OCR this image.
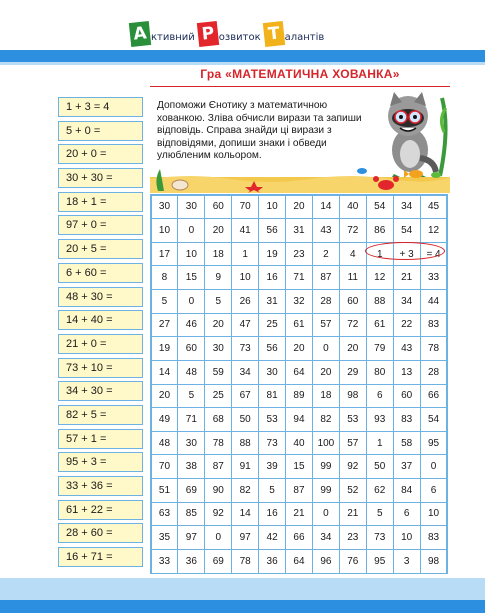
А ктивний Р озвиток Т алантів
Гра «МАТЕМАТИЧНА ХОВАНКА»
1 + 3 = 4
5 + 0 =
20 + 0 =
30 + 30 =
18 + 1 =
97 + 0 =
20 + 5 =
6 + 60 =
48 + 30 =
14 + 40 =
21 + 0 =
73 + 10 =
34 + 30 =
82 + 5 =
57 + 1 =
95 + 3 =
33 + 36 =
61 + 22 =
28 + 60 =
16 + 71 =
Допоможи Єнотику з математичною хованкою. Зліва обчисли вирази та запиши відповідь. Справа знайди ці вирази з відповідями, допиши знаки і обведи улюбленим кольором.
30	30	60	70	10	20	14	40	54	34	45
10	0	20	41	56	31	43	72	86	54	12
17	10	18	1	19	23	2	4	1	+ 3	= 4
8	15	9	10	16	71	87	11	12	21	33
5	0	5	26	31	32	28	60	88	34	44
27	46	20	47	25	61	57	72	61	22	83
19	60	30	73	56	20	0	20	79	43	78
14	48	59	34	30	64	20	29	80	13	28
20	5	25	67	81	89	18	98	6	60	66
49	71	68	50	53	94	82	53	93	83	54
48	30	78	88	73	40	100	57	1	58	95
70	38	87	91	39	15	99	92	50	37	0
51	69	90	82	5	87	99	52	62	84	6
63	85	92	14	16	21	0	21	5	6	10
35	97	0	97	42	66	34	23	73	10	83
33	36	69	78	36	64	96	76	95	3	98
